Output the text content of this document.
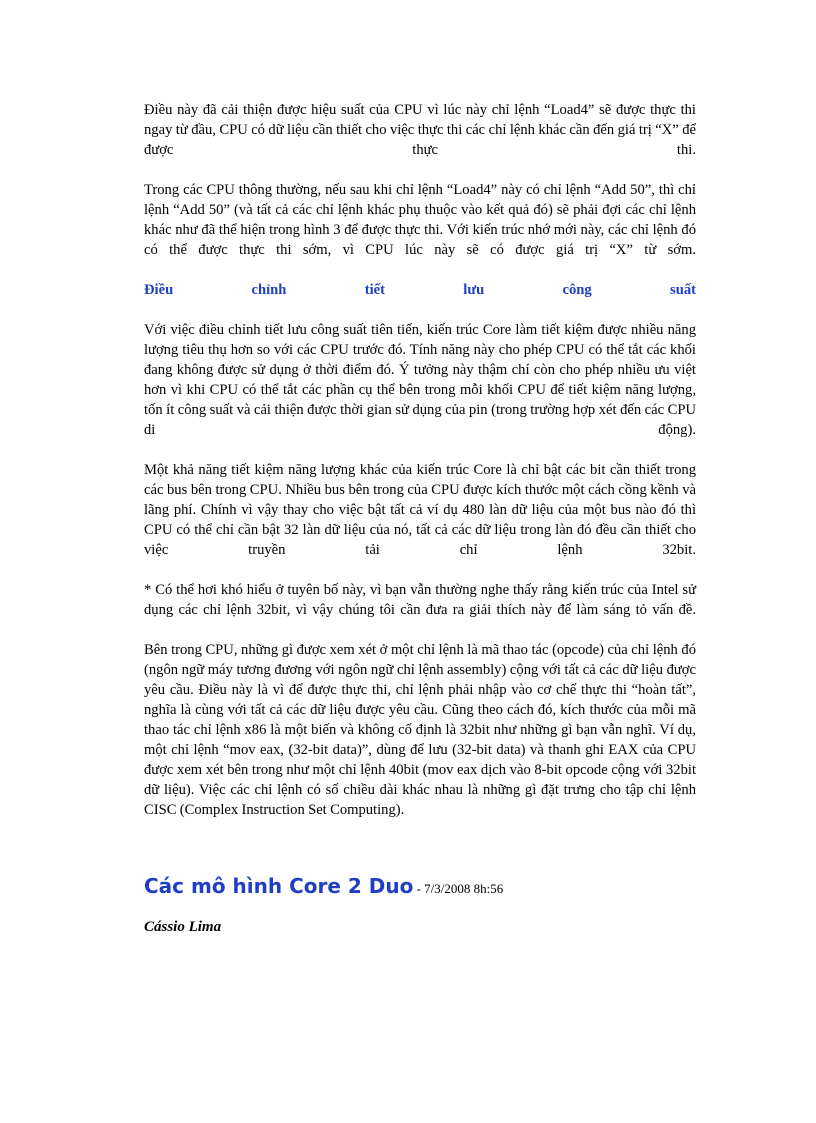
Điều này đã cải thiện được hiệu suất của CPU vì lúc này chỉ lệnh “Load4” sẽ được thực thi ngay từ đầu, CPU có dữ liệu cần thiết cho việc thực thi các chỉ lệnh khác cần đến giá trị “X” để được thực thi.

Trong các CPU thông thường, nếu sau khi chỉ lệnh “Load4” này có chỉ lệnh “Add 50”, thì chỉ lệnh “Add 50” (và tất cả các chỉ lệnh khác phụ thuộc vào kết quả đó) sẽ phải đợi các chỉ lệnh khác như đã thể hiện trong hình 3 để được thực thi. Với kiến trúc nhớ mới này, các chỉ lệnh đó có thể được thực thi sớm, vì CPU lúc này sẽ có được giá trị “X” từ sớm.

Điều chỉnh tiết lưu công suất

Với việc điều chỉnh tiết lưu công suất tiên tiến, kiến trúc Core làm tiết kiệm được nhiều năng lượng tiêu thụ hơn so với các CPU trước đó. Tính năng này cho phép CPU có thể tắt các khối đang không được sử dụng ở thời điểm đó. Ý tưởng này thậm chí còn cho phép nhiều ưu việt hơn vì khi CPU có thể tắt các phần cụ thể bên trong mỗi khối CPU để tiết kiệm năng lượng, tốn ít công suất và cải thiện được thời gian sử dụng của pin (trong trường hợp xét đến các CPU di động).

Một khả năng tiết kiệm năng lượng khác của kiến trúc Core là chỉ bật các bit cần thiết trong các bus bên trong CPU. Nhiều bus bên trong của CPU được kích thước một cách cồng kềnh và lãng phí. Chính vì vậy thay cho việc bật tất cả ví dụ 480 làn dữ liệu của một bus nào đó thì CPU có thể chỉ cần bật 32 làn dữ liệu của nó, tất cả các dữ liệu trong làn đó đều cần thiết cho việc truyền tải chỉ lệnh 32bit.

* Có thể hơi khó hiểu ở tuyên bố này, vì bạn vẫn thường nghe thấy rằng kiến trúc của Intel sử dụng các chỉ lệnh 32bit, vì vậy chúng tôi cần đưa ra giải thích này để làm sáng tỏ vấn đề.

Bên trong CPU, những gì được xem xét ở một chỉ lệnh là mã thao tác (opcode) của chỉ lệnh đó (ngôn ngữ máy tương đương với ngôn ngữ chỉ lệnh assembly) cộng với tất cả các dữ liệu được yêu cầu. Điều này là vì để được thực thi, chỉ lệnh phải nhập vào cơ chế thực thi “hoàn tất”, nghĩa là cùng với tất cả các dữ liệu được yêu cầu. Cũng theo cách đó, kích thước của mỗi mã thao tác chỉ lệnh x86 là một biến và không cố định là 32bit như những gì bạn vẫn nghĩ. Ví dụ, một chỉ lệnh “mov eax, (32-bit data)”, dùng để lưu (32-bit data) và thanh ghi EAX của CPU được xem xét bên trong như một chỉ lệnh 40bit (mov eax dịch vào 8-bit opcode cộng với 32bit dữ liệu). Việc các chỉ lệnh có số chiều dài khác nhau là những gì đặt trưng cho tập chỉ lệnh CISC (Complex Instruction Set Computing).

Các mô hình Core 2 Duo - 7/3/2008 8h:56
Cássio Lima
